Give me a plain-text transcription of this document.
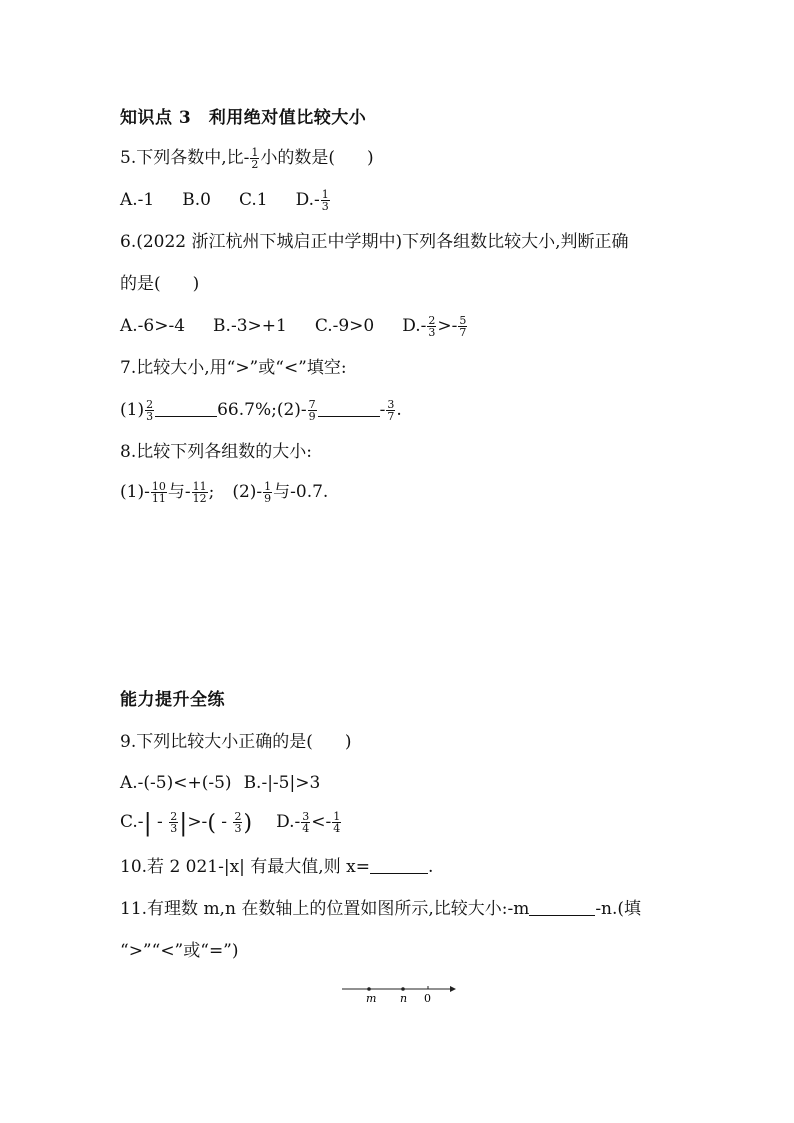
知识点 3　利用绝对值比较大小
5.下列各数中,比- $\frac{1}{2}$ 小的数是( )
A.-1 B.0 C.1 $D.- \frac{1}{3}$
6.(2022 浙江杭州下城启正中学期中)下列各组数比较大小,判断正确
的是( )
A.-6>-4 B.-3>+1 C.-9>0 $D.- \frac{2}{3} >- \frac{5}{7}$
7.比较大小,用“>”或“<”填空:
$(1) \frac{2}{3}$	66.7%;(2)- $\frac{7}{9}$	- $\frac{3}{7}$ .
8.比较下列各组数的大小:
$(1)- \frac{10}{11}$ 与- $\frac{11}{12}$ ; $(2)- \frac{1}{9}$ 与-0.7.
能力提升全练
9.下列比较大小正确的是( )
A.-(-5)<+(-5) B.-|-5|>3
$C.-| - \frac{2}{3}$ |>-( - $\frac{2}{3}$ ) $D.- \frac{3}{4} <- \frac{1}{4}$
10.若 2 021-|x| 有最大值,则 x=	.
11.有理数 m,n 在数轴上的位置如图所示,比较大小:-m	-n.(填
“>”“<”或“=”)
m n 0
